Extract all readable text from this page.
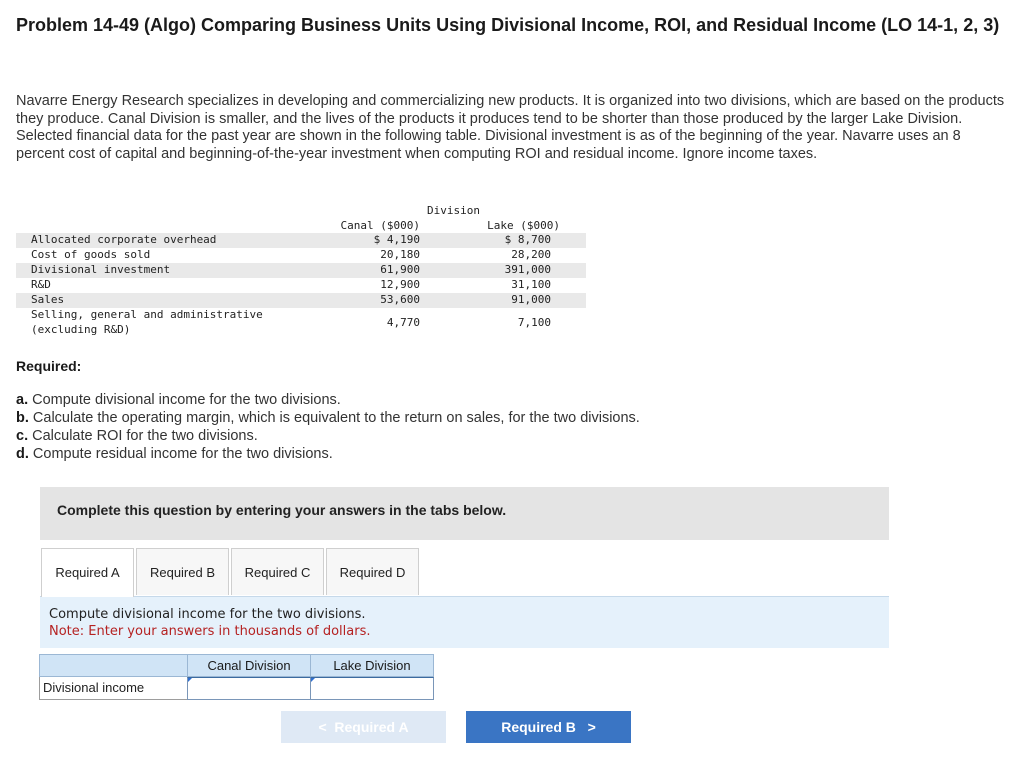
Problem 14-49 (Algo) Comparing Business Units Using Divisional Income, ROI, and Residual Income (LO 14-1, 2, 3)
Navarre Energy Research specializes in developing and commercializing new products. It is organized into two divisions, which are based on the products they produce. Canal Division is smaller, and the lives of the products it produces tend to be shorter than those produced by the larger Lake Division. Selected financial data for the past year are shown in the following table. Divisional investment is as of the beginning of the year. Navarre uses an 8 percent cost of capital and beginning-of-the-year investment when computing ROI and residual income. Ignore income taxes.
Division
Canal ($000)	Lake ($000)
Allocated corporate overhead	$ 4,190	$ 8,700
Cost of goods sold	20,180	28,200
Divisional investment	61,900	391,000
R&D	12,900	31,100
Sales	53,600	91,000
Selling, general and administrative
(excluding R&D)
4,770	7,100
Required:
a. Compute divisional income for the two divisions.
b. Calculate the operating margin, which is equivalent to the return on sales, for the two divisions.
c. Calculate ROI for the two divisions.
d. Compute residual income for the two divisions.
Complete this question by entering your answers in the tabs below.
Required A	Required B	Required C	Required D
Compute divisional income for the two divisions.
Note: Enter your answers in thousands of dollars.
Canal Division	Lake Division
Divisional income
< Required A	Required B >
